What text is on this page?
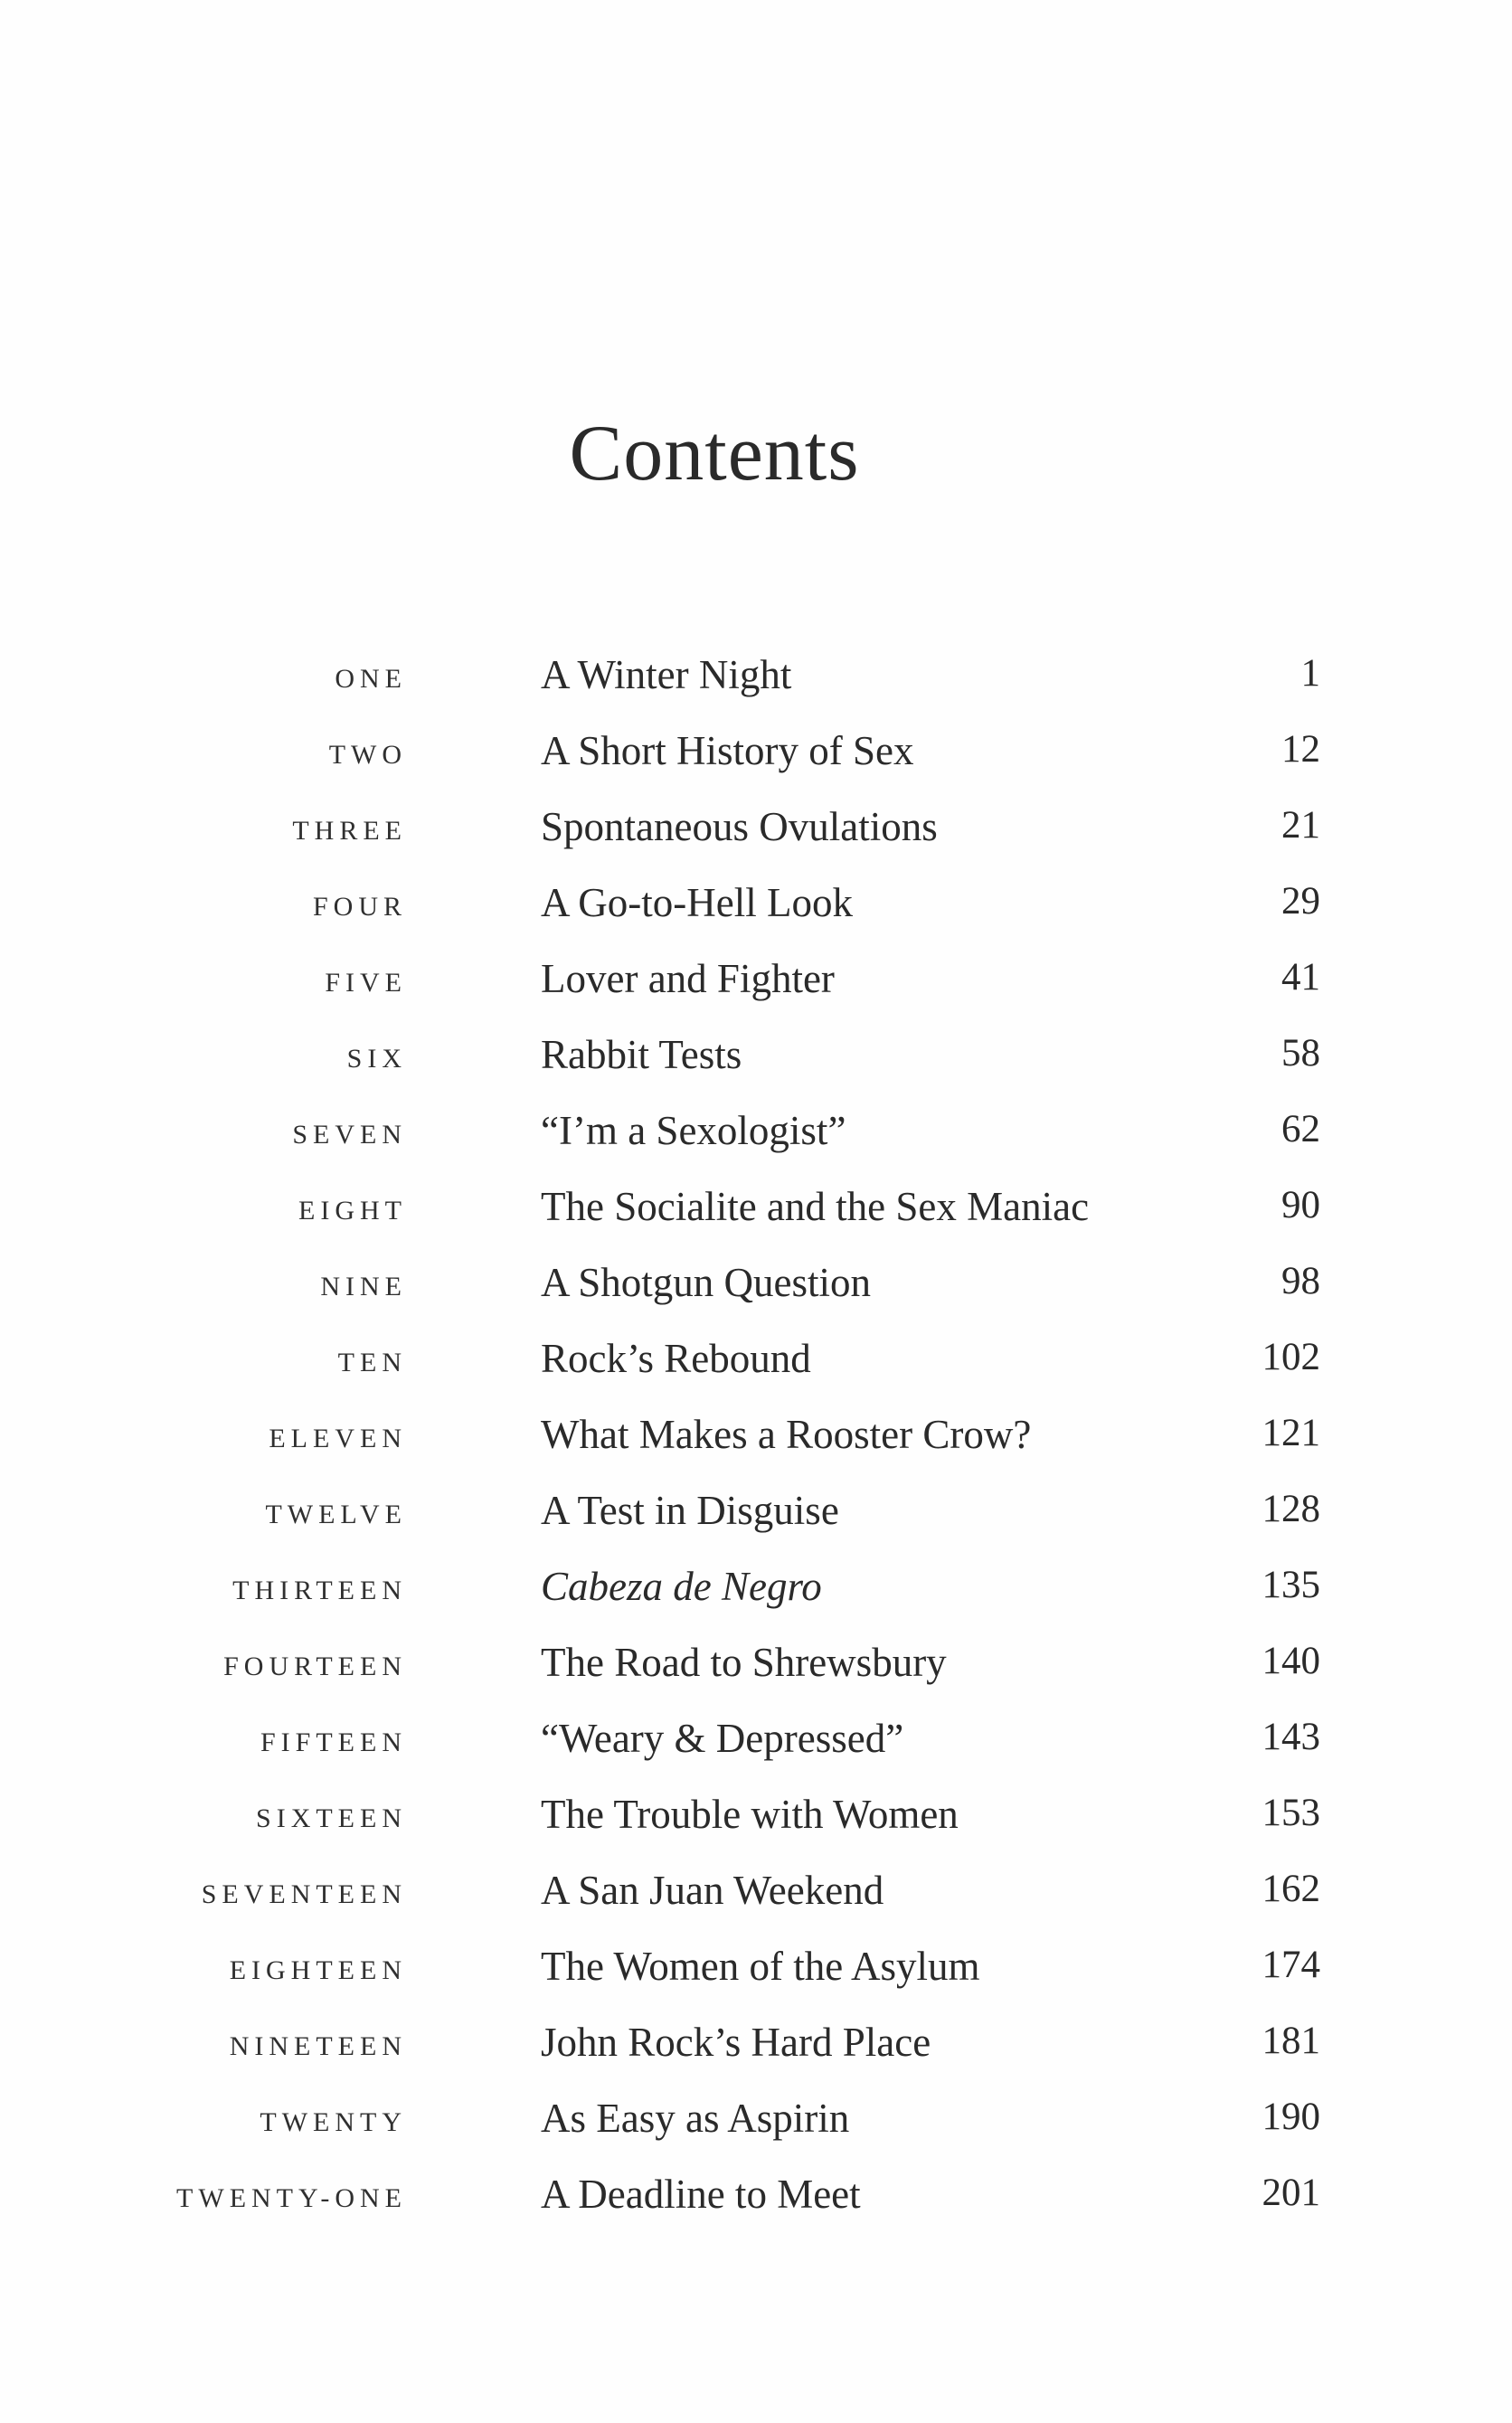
Contents
ONE	A Winter Night	1
TWO	A Short History of Sex	12
THREE	Spontaneous Ovulations	21
FOUR	A Go-to-Hell Look	29
FIVE	Lover and Fighter	41
SIX	Rabbit Tests	58
SEVEN	“I’m a Sexologist”	62
EIGHT	The Socialite and the Sex Maniac	90
NINE	A Shotgun Question	98
TEN	Rock’s Rebound	102
ELEVEN	What Makes a Rooster Crow?	121
TWELVE	A Test in Disguise	128
THIRTEEN	Cabeza de Negro	135
FOURTEEN	The Road to Shrewsbury	140
FIFTEEN	“Weary & Depressed”	143
SIXTEEN	The Trouble with Women	153
SEVENTEEN	A San Juan Weekend	162
EIGHTEEN	The Women of the Asylum	174
NINETEEN	John Rock’s Hard Place	181
TWENTY	As Easy as Aspirin	190
TWENTY-ONE	A Deadline to Meet	201
